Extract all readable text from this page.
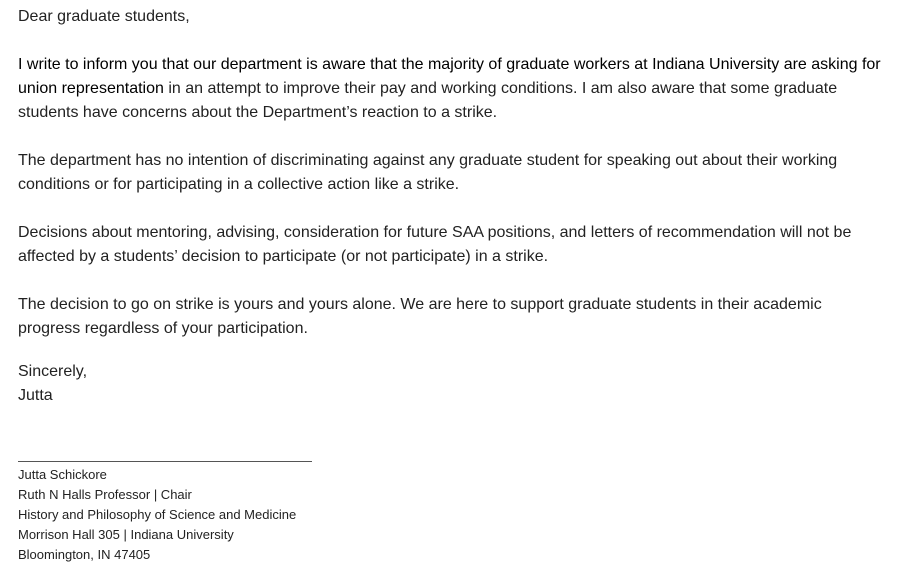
Dear graduate students,

I write to inform you that our department is aware that the majority of graduate workers at Indiana University are asking for union representation in an attempt to improve their pay and working conditions. I am also aware that some graduate students have concerns about the Department’s reaction to a strike.

The department has no intention of discriminating against any graduate student for speaking out about their working conditions or for participating in a collective action like a strike.

Decisions about mentoring, advising, consideration for future SAA positions, and letters of recommendation will not be affected by a students’ decision to participate (or not participate) in a strike.

The decision to go on strike is yours and yours alone. We are here to support graduate students in their academic progress regardless of your participation.

Sincerely,

Jutta

Jutta Schickore
Ruth N Halls Professor | Chair
History and Philosophy of Science and Medicine
Morrison Hall 305 | Indiana University
Bloomington, IN 47405
